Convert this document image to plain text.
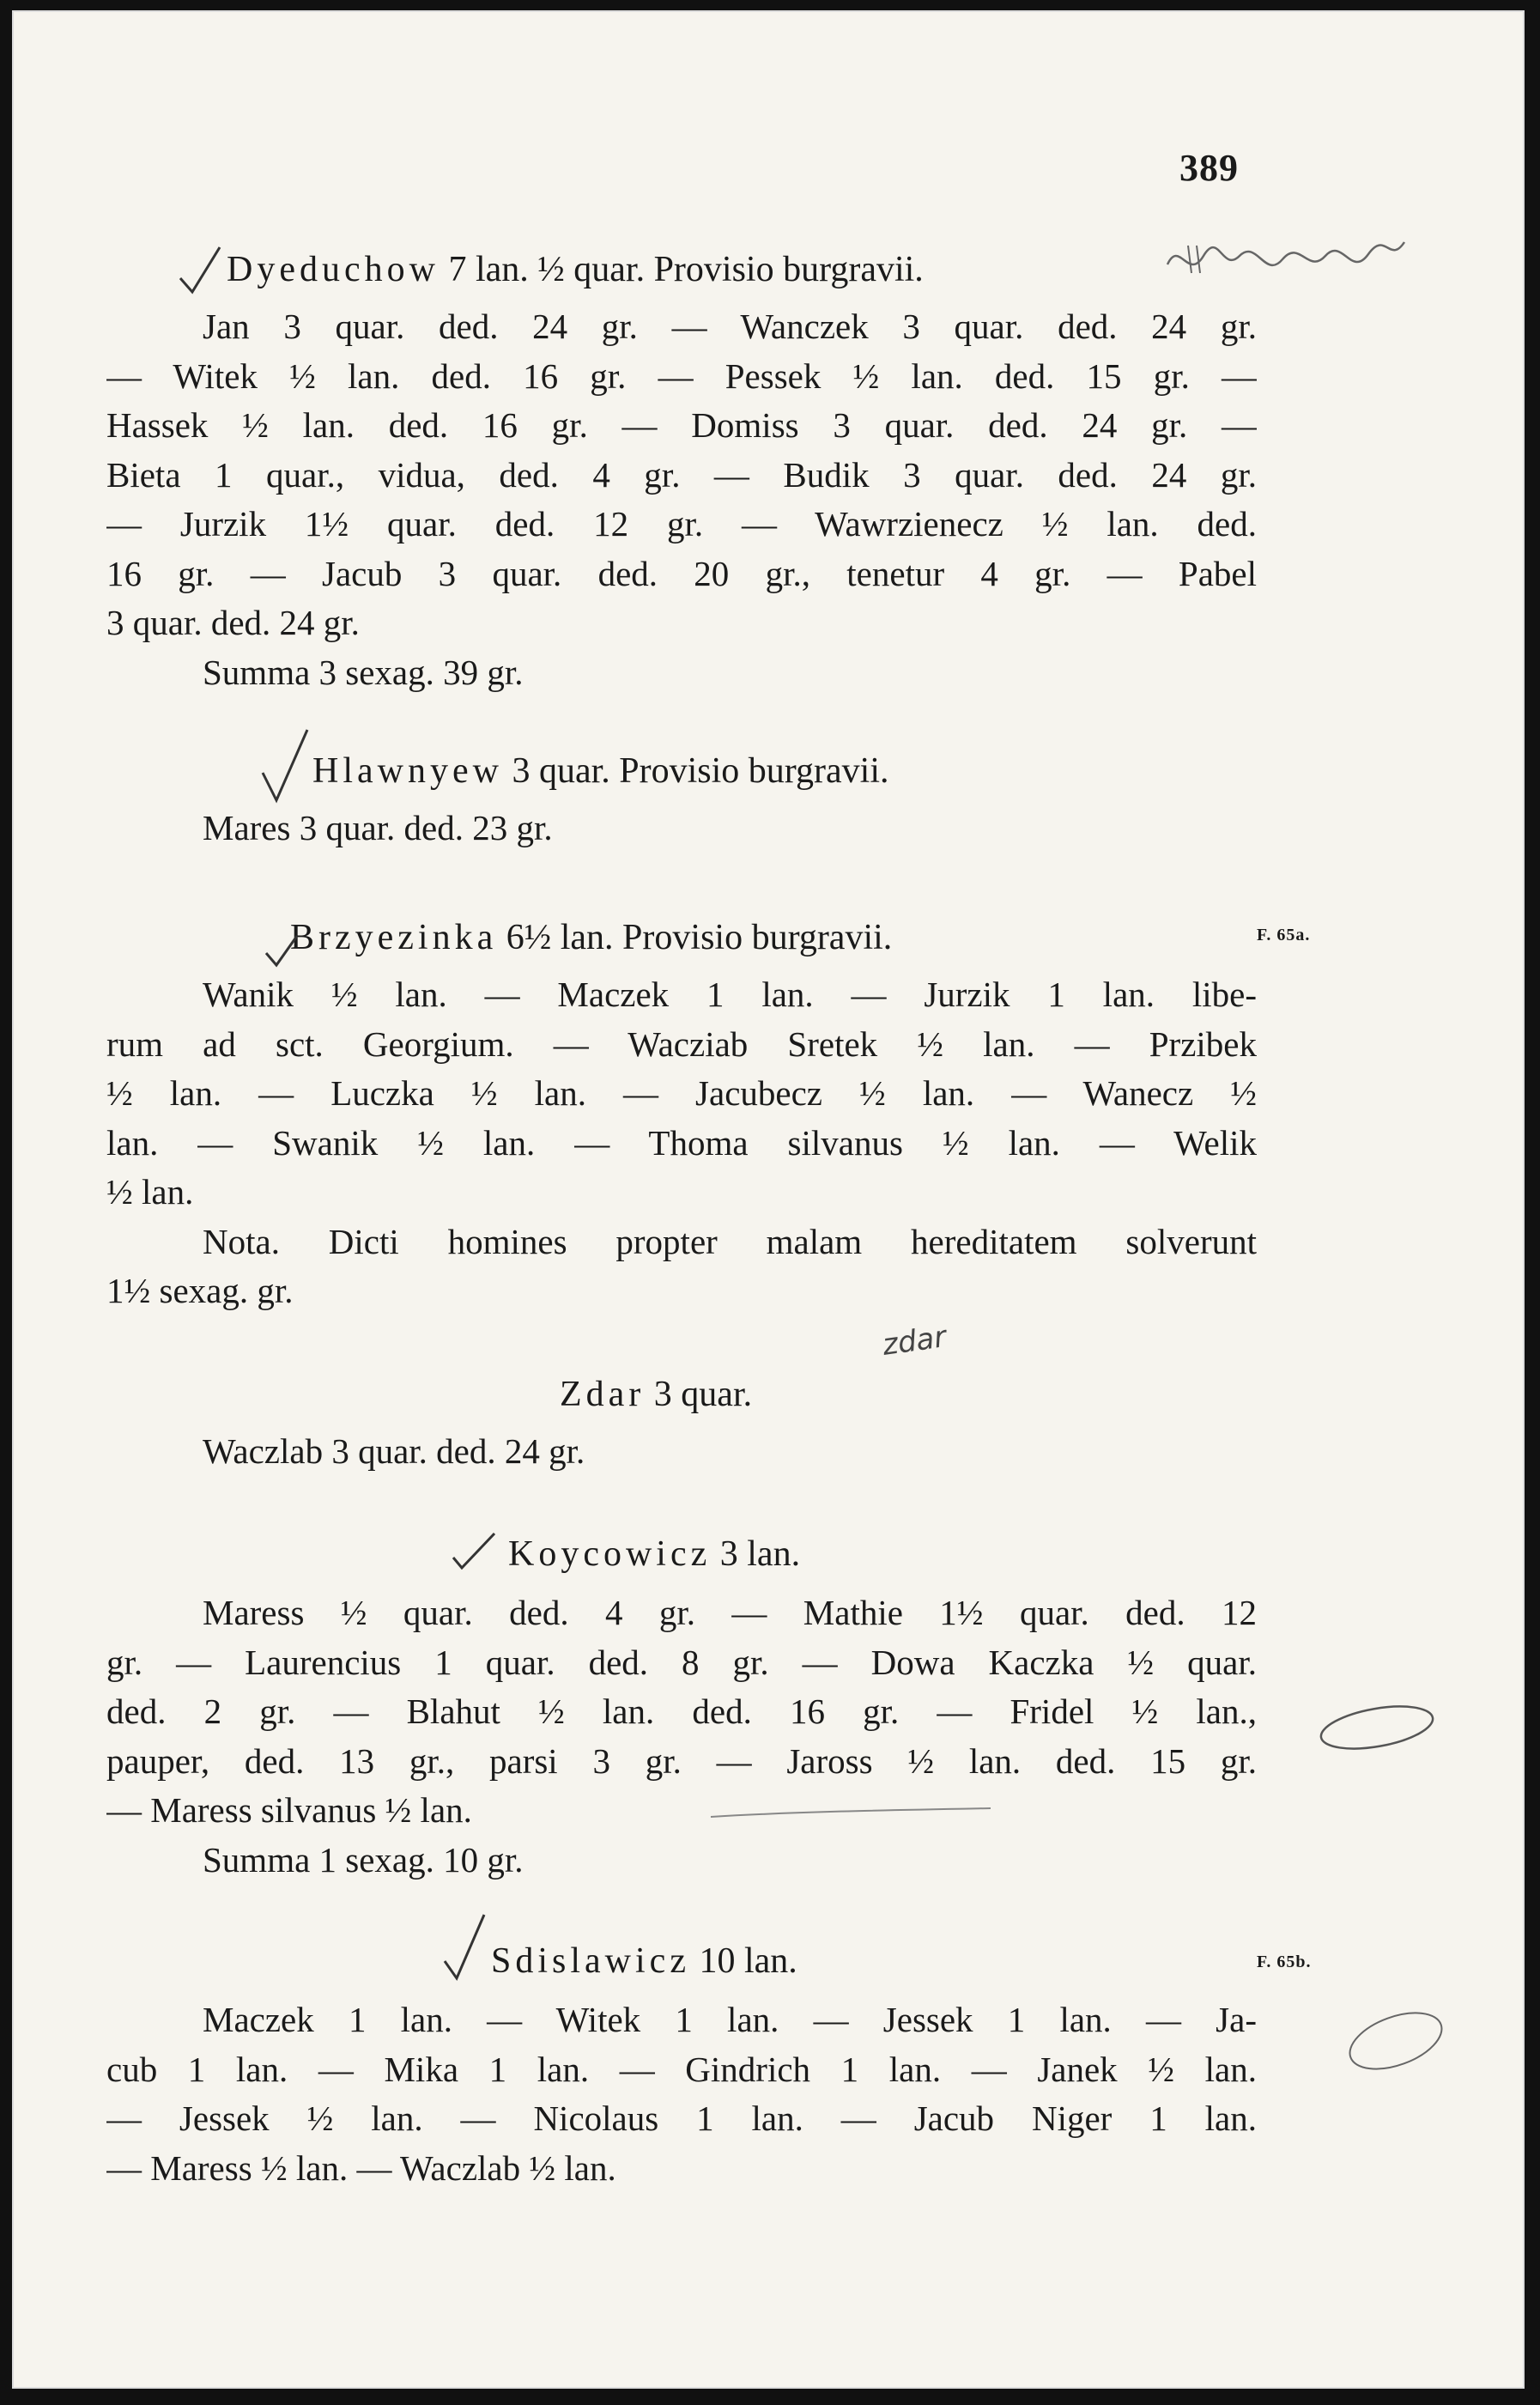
389
Dyeduchow 7 lan. ½ quar. Provisio burgravii.
Jan 3 quar. ded. 24 gr. — Wanczek 3 quar. ded. 24 gr.
— Witek ½ lan. ded. 16 gr. — Pessek ½ lan. ded. 15 gr. —
Hassek ½ lan. ded. 16 gr. — Domiss 3 quar. ded. 24 gr. —
Bieta 1 quar., vidua, ded. 4 gr. — Budik 3 quar. ded. 24 gr.
— Jurzik 1½ quar. ded. 12 gr. — Wawrzienecz ½ lan. ded.
16 gr. — Jacub 3 quar. ded. 20 gr., tenetur 4 gr. — Pabel
3 quar. ded. 24 gr.
Summa 3 sexag. 39 gr.
Hlawnyew 3 quar. Provisio burgravii.
Mares 3 quar. ded. 23 gr.
Brzyezinka 6½ lan. Provisio burgravii.
Wanik ½ lan. — Maczek 1 lan. — Jurzik 1 lan. libe-
rum ad sct. Georgium. — Wacziab Sretek ½ lan. — Przibek
½ lan. — Luczka ½ lan. — Jacubecz ½ lan. — Wanecz ½
lan. — Swanik ½ lan. — Thoma silvanus ½ lan. — Welik
½ lan.
Nota. Dicti homines propter malam hereditatem solverunt
1½ sexag. gr.
Zdar 3 quar.
Waczlab 3 quar. ded. 24 gr.
Koycowicz 3 lan.
Maress ½ quar. ded. 4 gr. — Mathie 1½ quar. ded. 12
gr. — Laurencius 1 quar. ded. 8 gr. — Dowa Kaczka ½ quar.
ded. 2 gr. — Blahut ½ lan. ded. 16 gr. — Fridel ½ lan.,
pauper, ded. 13 gr., parsi 3 gr. — Jaross ½ lan. ded. 15 gr.
— Maress silvanus ½ lan.
Summa 1 sexag. 10 gr.
Sdislawicz 10 lan.
Maczek 1 lan. — Witek 1 lan. — Jessek 1 lan. — Ja-
cub 1 lan. — Mika 1 lan. — Gindrich 1 lan. — Janek ½ lan.
— Jessek ½ lan. — Nicolaus 1 lan. — Jacub Niger 1 lan.
— Maress ½ lan. — Waczlab ½ lan.
F. 65a.
F. 65b.
zdar
